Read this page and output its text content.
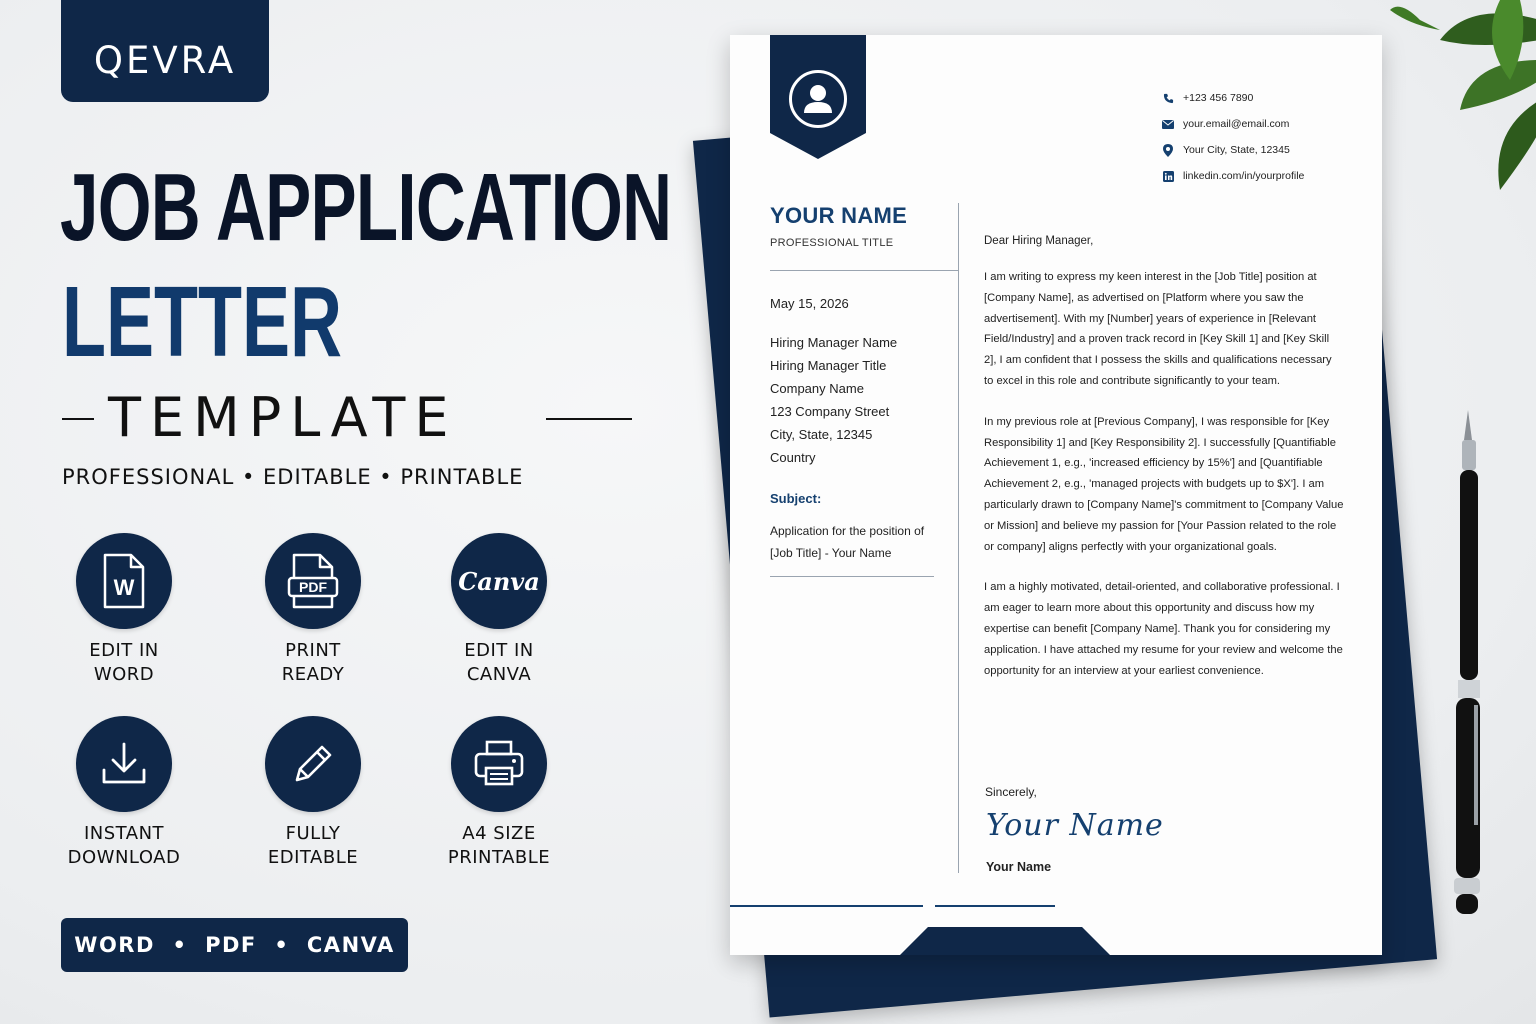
QEVRA
JOB APPLICATION
LETTER
TEMPLATE
PROFESSIONAL • EDITABLE • PRINTABLE
W
EDIT IN
WORD
PDF
PRINT
READY
Canva
EDIT IN
CANVA
INSTANT
DOWNLOAD
FULLY
EDITABLE
A4 SIZE
PRINTABLE
WORD  •  PDF  •  CANVA
+123 456 7890
your.email@email.com
Your City, State, 12345
linkedin.com/in/yourprofile
YOUR NAME
PROFESSIONAL TITLE
May 15, 2026
Hiring Manager Name
Hiring Manager Title
Company Name
123 Company Street
City, State, 12345
Country
Subject:
Application for the position of [Job Title] - Your Name
Dear Hiring Manager,
I am writing to express my keen interest in the [Job Title] position at [Company Name], as advertised on [Platform where you saw the advertisement]. With my [Number] years of experience in [Relevant Field/Industry] and a proven track record in [Key Skill 1] and [Key Skill 2], I am confident that I possess the skills and qualifications necessary to excel in this role and contribute significantly to your team.
In my previous role at [Previous Company], I was responsible for [Key Responsibility 1] and [Key Responsibility 2]. I successfully [Quantifiable Achievement 1, e.g., 'increased efficiency by 15%'] and [Quantifiable Achievement 2, e.g., 'managed projects with budgets up to $X']. I am particularly drawn to [Company Name]'s commitment to [Company Value or Mission] and believe my passion for [Your Passion related to the role or company] aligns perfectly with your organizational goals.
I am a highly motivated, detail-oriented, and collaborative professional. I am eager to learn more about this opportunity and discuss how my expertise can benefit [Company Name]. Thank you for considering my application. I have attached my resume for your review and welcome the opportunity for an interview at your earliest convenience.
Sincerely,
Your Name
Your Name
